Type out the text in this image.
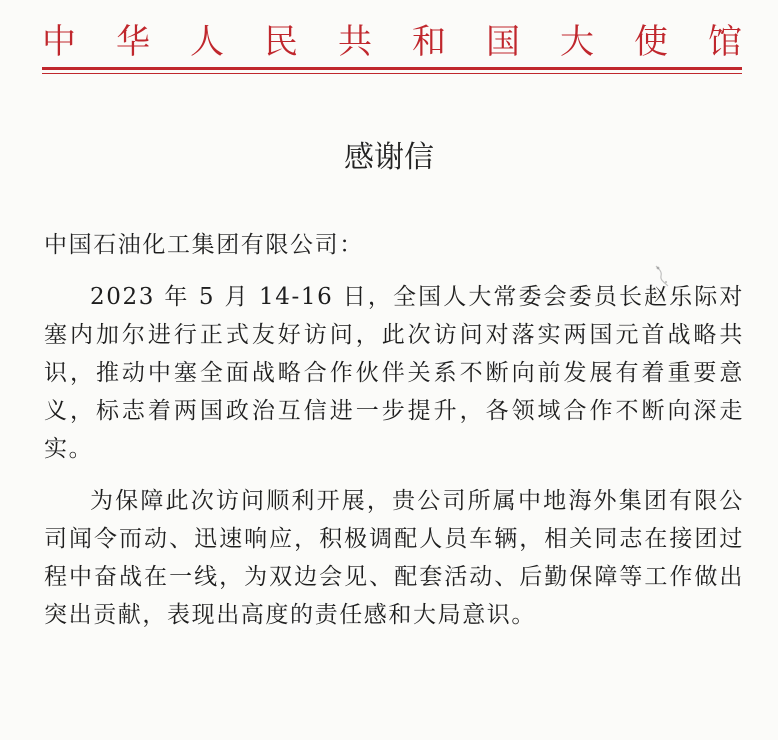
中 华 人 民 共 和 国 大 使 馆
感谢信

中国石油化工集团有限公司：

2023 年 5 月 14-16 日，全国人大常委会委员长赵乐际对塞内加尔进行正式友好访问，此次访问对落实两国元首战略共识，推动中塞全面战略合作伙伴关系不断向前发展有着重要意义，标志着两国政治互信进一步提升，各领域合作不断向深走实。

为保障此次访问顺利开展，贵公司所属中地海外集团有限公司闻令而动、迅速响应，积极调配人员车辆，相关同志在接团过程中奋战在一线，为双边会见、配套活动、后勤保障等工作做出突出贡献，表现出高度的责任感和大局意识。
